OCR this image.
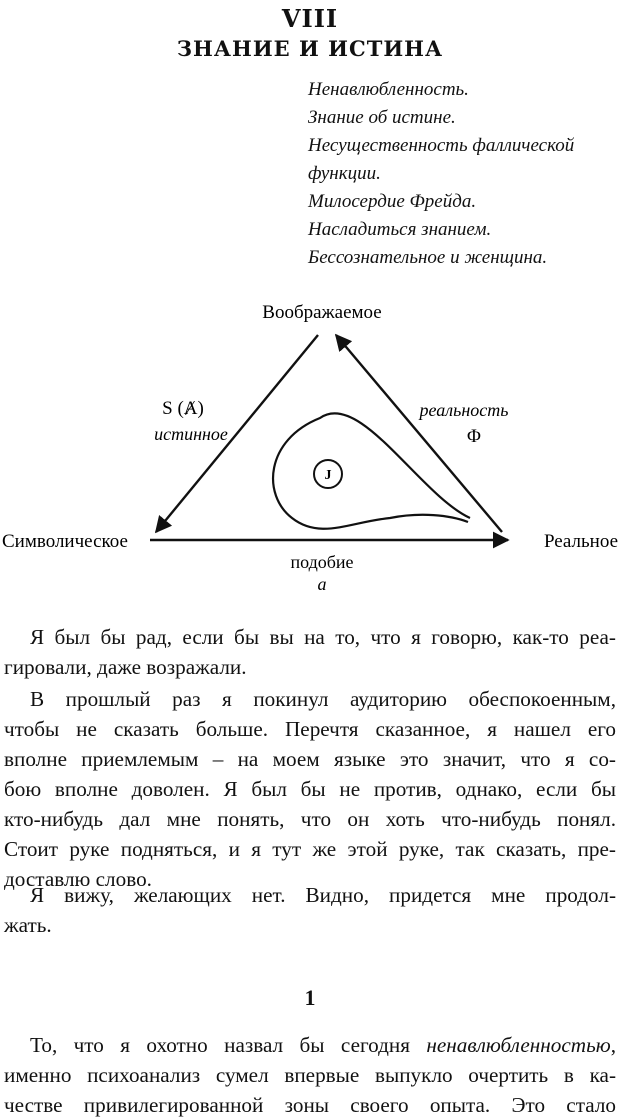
VIII
ЗНАНИЕ И ИСТИНА
Ненавлюбленность.
Знание об истине.
Несущественность фаллической
функции.
Милосердие Фрейда.
Насладиться знанием.
Бессознательное и женщина.
J
Воображаемое
Символическое	Реальное
S (Ⱥ)
истинное
реальность
Φ
подобие
a
Я был бы рад, если бы вы на то, что я говорю, как-то реа-
гировали, даже возражали.
В прошлый раз я покинул аудиторию обеспокоенным,
чтобы не сказать больше. Перечтя сказанное, я нашел его
вполне приемлемым – на моем языке это значит, что я со-
бою вполне доволен. Я был бы не против, однако, если бы
кто-нибудь дал мне понять, что он хоть что-нибудь понял.
Стоит руке подняться, и я тут же этой руке, так сказать, пре-
доставлю слово.
Я вижу, желающих нет. Видно, придется мне продол-
жать.
1
То, что я охотно назвал бы сегодня ненавлюбленностью,
именно психоанализ сумел впервые выпукло очертить в ка-
честве привилегированной зоны своего опыта. Это стало
